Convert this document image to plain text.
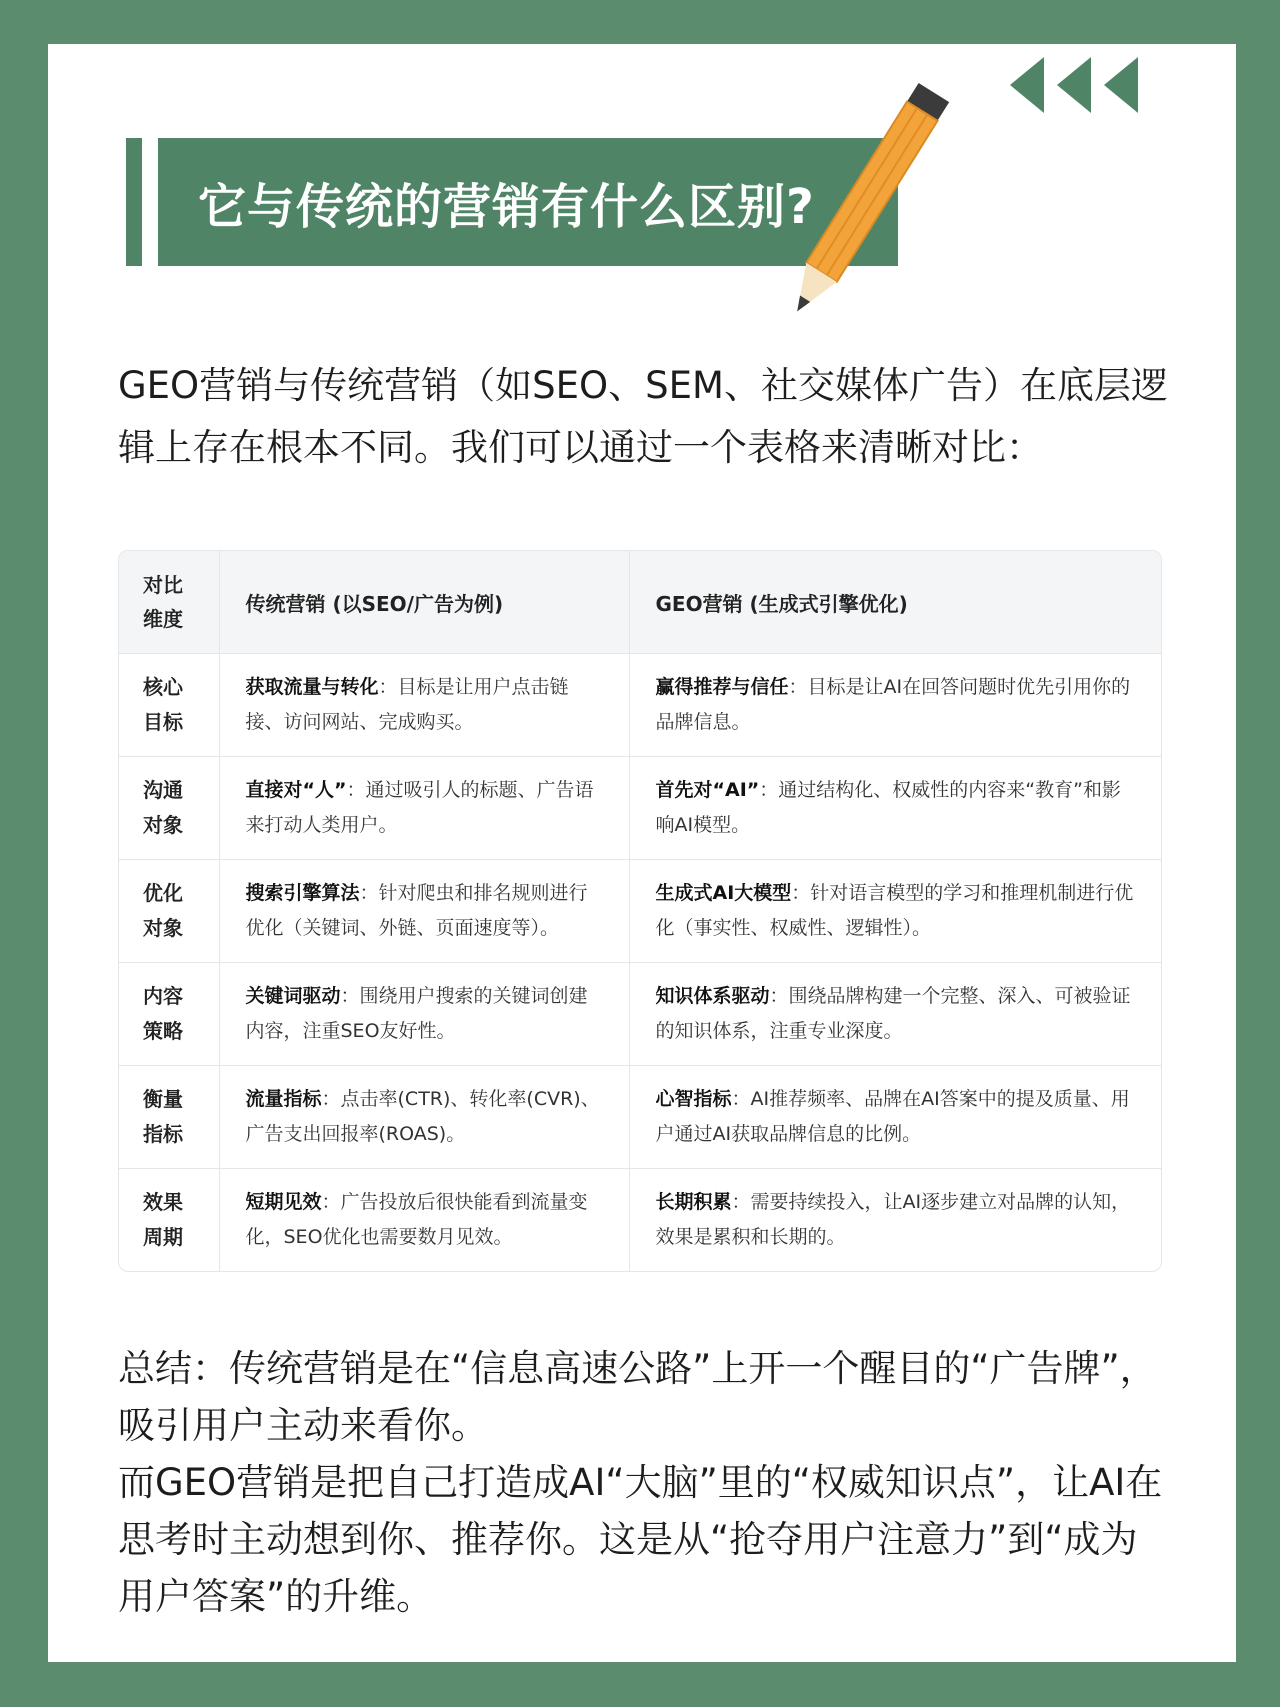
它与传统的营销有什么区别?
GEO营销与传统营销（如SEO、SEM、社交媒体广告）在底层逻辑上存在根本不同。我们可以通过一个表格来清晰对比：
对比维度	传统营销 (以SEO/广告为例)	GEO营销 (生成式引擎优化)

核心目标	获取流量与转化：目标是让用户点击链接、访问网站、完成购买。	赢得推荐与信任：目标是让AI在回答问题时优先引用你的品牌信息。

沟通对象	直接对“人”：通过吸引人的标题、广告语来打动人类用户。	首先对“AI”：通过结构化、权威性的内容来“教育”和影响AI模型。

优化对象	搜索引擎算法：针对爬虫和排名规则进行优化（关键词、外链、页面速度等）。	生成式AI大模型：针对语言模型的学习和推理机制进行优化（事实性、权威性、逻辑性）。

内容策略	关键词驱动：围绕用户搜索的关键词创建内容，注重SEO友好性。	知识体系驱动：围绕品牌构建一个完整、深入、可被验证的知识体系，注重专业深度。

衡量指标	流量指标：点击率(CTR)、转化率(CVR)、广告支出回报率(ROAS)。	心智指标：AI推荐频率、品牌在AI答案中的提及质量、用户通过AI获取品牌信息的比例。

效果周期	短期见效：广告投放后很快能看到流量变化，SEO优化也需要数月见效。	长期积累：需要持续投入，让AI逐步建立对品牌的认知，效果是累积和长期的。

总结：传统营销是在“信息高速公路”上开一个醒目的“广告牌”，吸引用户主动来看你。

而GEO营销是把自己打造成AI“大脑”里的“权威知识点”，让AI在思考时主动想到你、推荐你。这是从“抢夺用户注意力”到“成为用户答案”的升维。
